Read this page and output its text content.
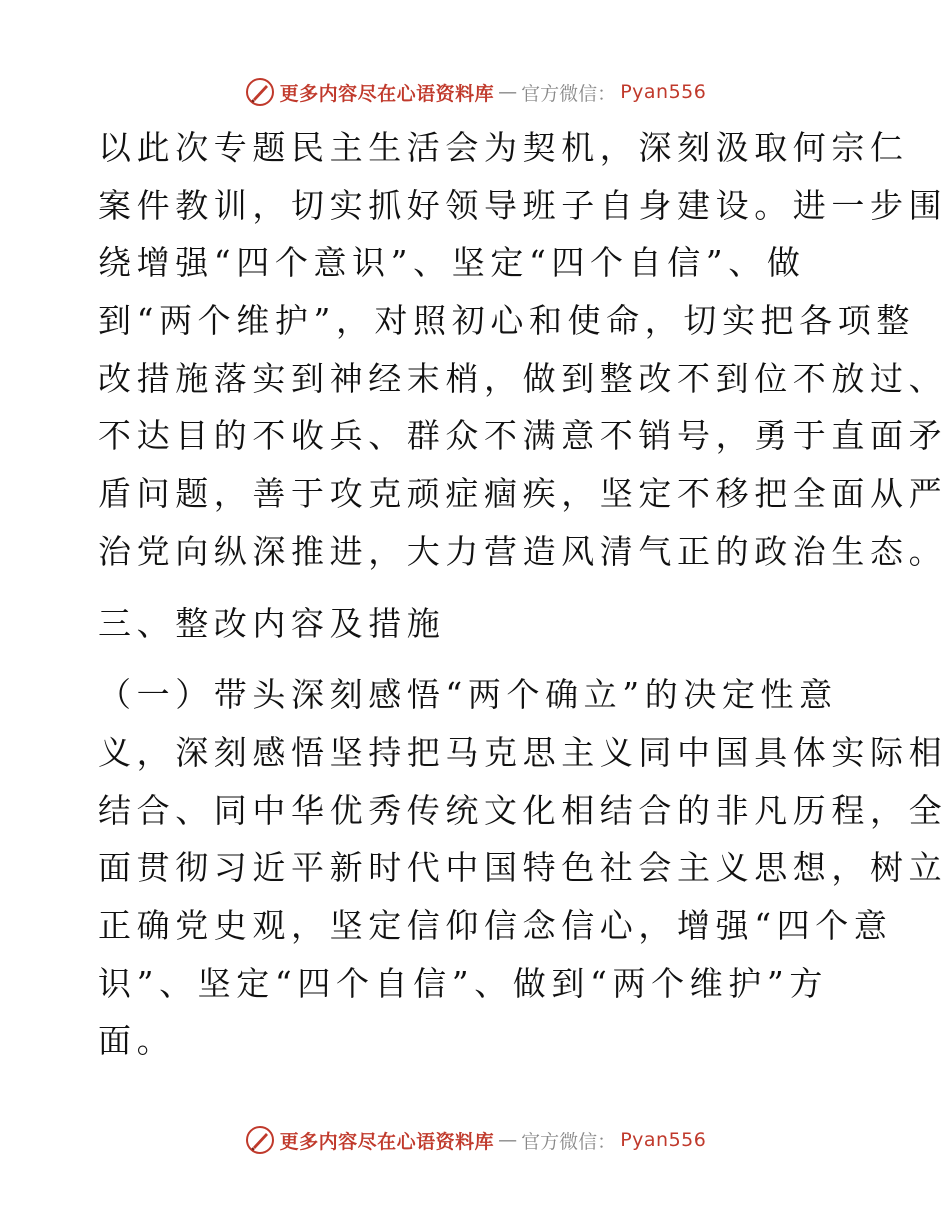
更多内容尽在心语资料库 — 官方微信： Pyan556
以此次专题民主生活会为契机，深刻汲取何宗仁
案件教训，切实抓好领导班子自身建设。进一步围
绕增强“四个意识”、坚定“四个自信”、做
到“两个维护”，对照初心和使命，切实把各项整
改措施落实到神经末梢，做到整改不到位不放过、
不达目的不收兵、群众不满意不销号，勇于直面矛
盾问题，善于攻克顽症痼疾，坚定不移把全面从严
治党向纵深推进，大力营造风清气正的政治生态。
三、整改内容及措施
（一）带头深刻感悟“两个确立”的决定性意
义，深刻感悟坚持把马克思主义同中国具体实际相
结合、同中华优秀传统文化相结合的非凡历程，全
面贯彻习近平新时代中国特色社会主义思想，树立
正确党史观，坚定信仰信念信心，增强“四个意
识”、坚定“四个自信”、做到“两个维护”方
面。
更多内容尽在心语资料库 — 官方微信： Pyan556
